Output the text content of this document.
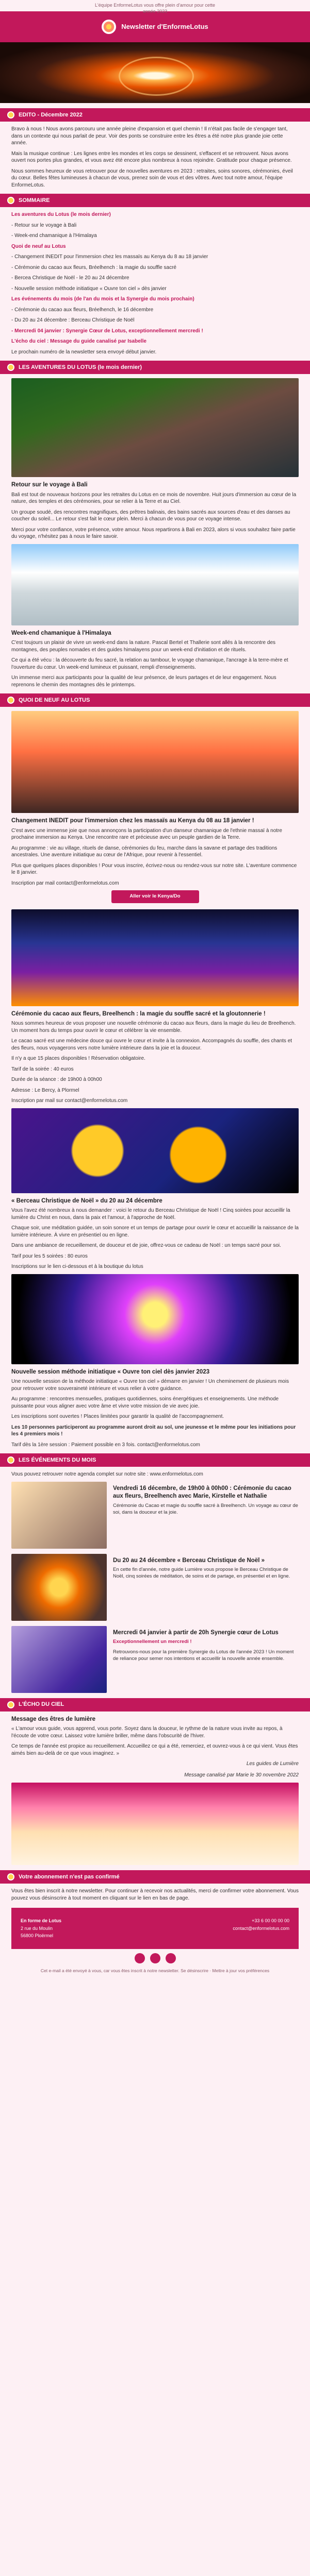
L'équipe EnformeLotus vous offre plein d'amour pour cette
année 2023
Newsletter d'EnformeLotus
EDITO - Décembre 2022

Bravo à nous ! Nous avons parcouru une année pleine d'expansion et quel chemin ! Il n'était pas facile de s'engager tant, dans un contexte qui nous parlait de peur. Voir des ponts se construire entre les êtres a été notre plus grande joie cette année.

Mais la musique continue : Les lignes entre les mondes et les corps se dessinent, s'effacent et se retrouvent. Nous avons ouvert nos portes plus grandes, et vous avez été encore plus nombreux à nous rejoindre. Gratitude pour chaque présence.

Nous sommes heureux de vous retrouver pour de nouvelles aventures en 2023 : retraites, soins sonores, cérémonies, éveil du cœur. Belles fêtes lumineuses à chacun de vous, prenez soin de vous et des vôtres. Avec tout notre amour, l'équipe EnformeLotus.

SOMMAIRE

Les aventures du Lotus (le mois dernier)

- Retour sur le voyage à Bali

- Week-end chamanique à l'Himalaya

Quoi de neuf au Lotus

- Changement INEDIT pour l'immersion chez les massaïs au Kenya du 8 au 18 janvier

- Cérémonie du cacao aux fleurs, Bréelhench : la magie du souffle sacré

- Bercea Christique de Noël - le 20 au 24 décembre

- Nouvelle session méthode initiatique « Ouvre ton ciel » dès janvier

Les événements du mois (de l'an du mois et la Synergie du mois prochain)

- Cérémonie du cacao aux fleurs, Bréelhench, le 16 décembre

- Du 20 au 24 décembre : Berceau Christique de Noël

- Mercredi 04 janvier : Synergie Cœur de Lotus, exceptionnellement mercredi !

L'écho du ciel : Message du guide canalisé par Isabelle

Le prochain numéro de la newsletter sera envoyé début janvier.

LES AVENTURES DU LOTUS (le mois dernier)
Retour sur le voyage à Bali

Bali est tout de nouveaux horizons pour les retraites du Lotus en ce mois de novembre. Huit jours d'immersion au cœur de la nature, des temples et des cérémonies, pour se relier à la Terre et au Ciel.

Un groupe soudé, des rencontres magnifiques, des prêtres balinais, des bains sacrés aux sources d'eau et des danses au coucher du soleil... Le retour s'est fait le cœur plein. Merci à chacun de vous pour ce voyage intense.

Merci pour votre confiance, votre présence, votre amour. Nous repartirons à Bali en 2023, alors si vous souhaitez faire partie du voyage, n'hésitez pas à nous le faire savoir.

Week-end chamanique à l'Himalaya

C'est toujours un plaisir de vivre un week-end dans la nature. Pascal Bertel et Thallerie sont allés à la rencontre des montagnes, des peuples nomades et des guides himalayens pour un week-end d'initiation et de rituels.

Ce qui a été vécu : la découverte du feu sacré, la relation au tambour, le voyage chamanique, l'ancrage à la terre-mère et l'ouverture du cœur. Un week-end lumineux et puissant, rempli d'enseignements.

Un immense merci aux participants pour la qualité de leur présence, de leurs partages et de leur engagement. Nous reprenons le chemin des montagnes dès le printemps.

QUOI DE NEUF AU LOTUS
Changement INEDIT pour l'immersion chez les massaïs au Kenya du 08 au 18 janvier !

C'est avec une immense joie que nous annonçons la participation d'un danseur chamanique de l'ethnie massaï à notre prochaine immersion au Kenya. Une rencontre rare et précieuse avec un peuple gardien de la Terre.

Au programme : vie au village, rituels de danse, cérémonies du feu, marche dans la savane et partage des traditions ancestrales. Une aventure initiatique au cœur de l'Afrique, pour revenir à l'essentiel.

Plus que quelques places disponibles ! Pour vous inscrire, écrivez-nous ou rendez-vous sur notre site. L'aventure commence le 8 janvier.

Inscription par mail contact@enformelotus.com

Aller voir le Kenya/Do
Cérémonie du cacao aux fleurs, Breelhench : la magie du souffle sacré et la gloutonnerie !

Nous sommes heureux de vous proposer une nouvelle cérémonie du cacao aux fleurs, dans la magie du lieu de Breelhench. Un moment hors du temps pour ouvrir le cœur et célébrer la vie ensemble.

Le cacao sacré est une médecine douce qui ouvre le cœur et invite à la connexion. Accompagnés du souffle, des chants et des fleurs, nous voyagerons vers notre lumière intérieure dans la joie et la douceur.

Il n'y a que 15 places disponibles ! Réservation obligatoire.

Tarif de la soirée : 40 euros

Durée de la séance : de 19h00 à 00h00

Adresse : Le Bercy, à Plormel

Inscription par mail sur contact@enformelotus.com

« Berceau Christique de Noël » du 20 au 24 décembre

Vous l'avez été nombreux à nous demander : voici le retour du Berceau Christique de Noël ! Cinq soirées pour accueillir la lumière du Christ en nous, dans la paix et l'amour, à l'approche de Noël.

Chaque soir, une méditation guidée, un soin sonore et un temps de partage pour ouvrir le cœur et accueillir la naissance de la lumière intérieure. À vivre en présentiel ou en ligne.

Dans une ambiance de recueillement, de douceur et de joie, offrez-vous ce cadeau de Noël : un temps sacré pour soi.

Tarif pour les 5 soirées : 80 euros

Inscriptions sur le lien ci-dessous et à la boutique du lotus

Nouvelle session méthode initiatique « Ouvre ton ciel dès janvier 2023

Une nouvelle session de la méthode initiatique « Ouvre ton ciel » démarre en janvier ! Un cheminement de plusieurs mois pour retrouver votre souveraineté intérieure et vous relier à votre guidance.

Au programme : rencontres mensuelles, pratiques quotidiennes, soins énergétiques et enseignements. Une méthode puissante pour vous aligner avec votre âme et vivre votre mission de vie avec joie.

Les inscriptions sont ouvertes ! Places limitées pour garantir la qualité de l'accompagnement.

Les 10 personnes participeront au programme auront droit au sol, une jeunesse et le même pour les initiations pour les 4 premiers mois !

Tarif dès la 1ère session : Paiement possible en 3 fois. contact@enformelotus.com

LES ÉVÉNEMENTS DU MOIS

Vous pouvez retrouver notre agenda complet sur notre site : www.enformelotus.com

Vendredi 16 décembre, de 19h00 à 00h00 : Cérémonie du cacao aux fleurs, Breelhench avec Marie, Kirstelle et Nathalie

Cérémonie du Cacao et magie du souffle sacré à Breelhench. Un voyage au cœur de soi, dans la douceur et la joie.

Du 20 au 24 décembre « Berceau Christique de Noël »

En cette fin d'année, notre guide Lumière vous propose le Berceau Christique de Noël, cinq soirées de méditation, de soins et de partage, en présentiel et en ligne.

Mercredi 04 janvier à partir de 20h Synergie cœur de Lotus

Exceptionnellement un mercredi !

Retrouvons-nous pour la première Synergie du Lotus de l'année 2023 ! Un moment de reliance pour semer nos intentions et accueillir la nouvelle année ensemble.

L'ÉCHO DU CIEL
Message des êtres de lumière

« L'amour vous guide, vous apprend, vous porte. Soyez dans la douceur, le rythme de la nature vous invite au repos, à l'écoute de votre cœur. Laissez votre lumière briller, même dans l'obscurité de l'hiver.

Ce temps de l'année est propice au recueillement. Accueillez ce qui a été, remerciez, et ouvrez-vous à ce qui vient. Vous êtes aimés bien au-delà de ce que vous imaginez. »

Les guides de Lumière
Message canalisé par Marie le 30 novembre 2022
Votre abonnement n'est pas confirmé

Vous êtes bien inscrit à notre newsletter. Pour continuer à recevoir nos actualités, merci de confirmer votre abonnement. Vous pouvez vous désinscrire à tout moment en cliquant sur le lien en bas de page.

En forme de Lotus
2 rue du Moulin
56800 Ploërmel
+33 6 00 00 00 00
contact@enformelotus.com
Cet e-mail a été envoyé à vous, car vous êtes inscrit à notre newsletter. Se désinscrire · Mettre à jour vos préférences
